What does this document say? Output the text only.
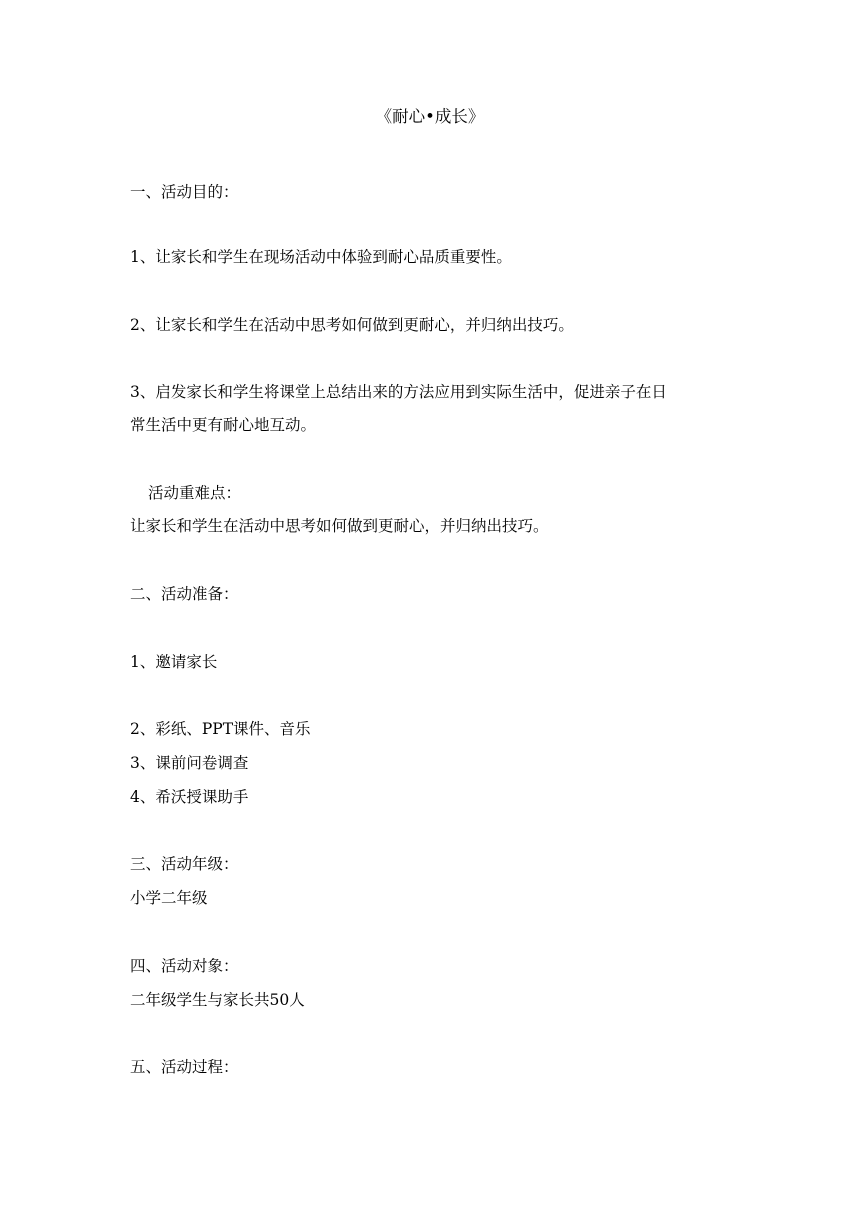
《耐心•成长》

一、活动目的：

1、让家长和学生在现场活动中体验到耐心品质重要性。

2、让家长和学生在活动中思考如何做到更耐心，并归纳出技巧。

3、启发家长和学生将课堂上总结出来的方法应用到实际生活中，促进亲子在日

常生活中更有耐心地互动。

活动重难点：

让家长和学生在活动中思考如何做到更耐心，并归纳出技巧。

二、活动准备：

1、邀请家长

2、彩纸、PPT课件、音乐

3、课前问卷调查

4、希沃授课助手

三、活动年级：

小学二年级

四、活动对象：

二年级学生与家长共50人

五、活动过程：
